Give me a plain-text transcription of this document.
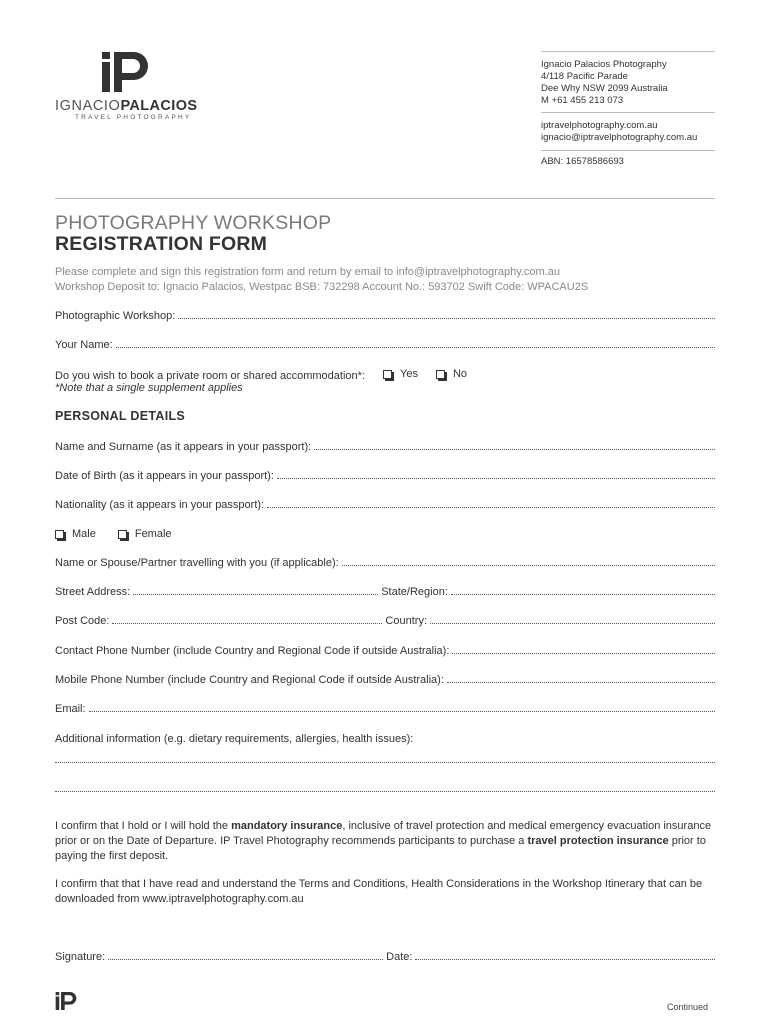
IGNACIOPALACIOS
TRAVEL PHOTOGRAPHY
Ignacio Palacios Photography
4/118 Pacific Parade
Dee Why NSW 2099 Australia
M +61 455 213 073
iptravelphotography.com.au
ignacio@iptravelphotography.com.au
ABN: 16578586693
PHOTOGRAPHY WORKSHOP
REGISTRATION FORM
Please complete and sign this registration form and return by email to info@iptravelphotography.com.au
Workshop Deposit to: Ignacio Palacios, Westpac BSB: 732298 Account No.: 593702 Swift Code: WPACAU2S
Photographic Workshop:
Your Name:
Do you wish to book a private room or shared accommodation*:	Yes	No
*Note that a single supplement applies
PERSONAL DETAILS
Name and Surname (as it appears in your passport):
Date of Birth (as it appears in your passport):
Nationality (as it appears in your passport):
Male	Female
Name or Spouse/Partner travelling with you (if applicable):
Street Address:	State/Region:
Post Code:	Country:
Contact Phone Number (include Country and Regional Code if outside Australia):
Mobile Phone Number (include Country and Regional Code if outside Australia):
Email:
Additional information (e.g. dietary requirements, allergies, health issues):
I confirm that I hold or I will hold the mandatory insurance, inclusive of travel protection and medical emergency evacuation insurance prior or on the Date of Departure. IP Travel Photography recommends participants to purchase a travel protection insurance prior to paying the first deposit.
I confirm that that I have read and understand the Terms and Conditions, Health Considerations in the Workshop Itinerary that can be downloaded from www.iptravelphotography.com.au
Signature:	Date:
Continued
